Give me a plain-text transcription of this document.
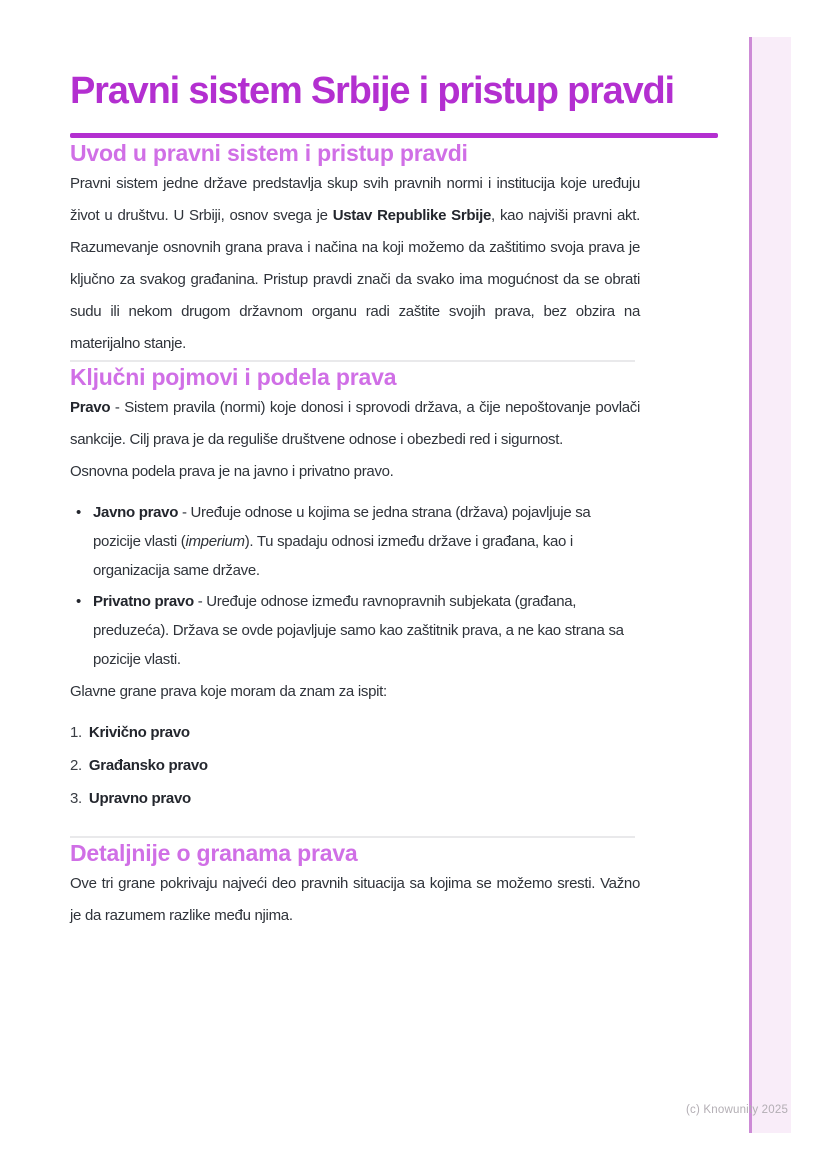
(c) Knowunity 2025
Pravni sistem Srbije i pristup pravdi
Uvod u pravni sistem i pristup pravdi

Pravni sistem jedne države predstavlja skup svih pravnih normi i institucija koje uređuju život u društvu. U Srbiji, osnov svega je Ustav Republike Srbije, kao najviši pravni akt. Razumevanje osnovnih grana prava i načina na koji možemo da zaštitimo svoja prava je ključno za svakog građanina. Pristup pravdi znači da svako ima mogućnost da se obrati sudu ili nekom drugom državnom organu radi zaštite svojih prava, bez obzira na materijalno stanje.

Ključni pojmovi i podela prava

Pravo - Sistem pravila (normi) koje donosi i sprovodi država, a čije nepoštovanje povlači sankcije. Cilj prava je da reguliše društvene odnose i obezbedi red i sigurnost.

Osnovna podela prava je na javno i privatno pravo.

• Javno pravo - Uređuje odnose u kojima se jedna strana (država) pojavljuje sa pozicije vlasti (imperium). Tu spadaju odnosi između države i građana, kao i organizacija same države.
• Privatno pravo - Uređuje odnose između ravnopravnih subjekata (građana, preduzeća). Država se ovde pojavljuje samo kao zaštitnik prava, a ne kao strana sa pozicije vlasti.

Glavne grane prava koje moram da znam za ispit:

1. Krivično pravo
2. Građansko pravo
3. Upravno pravo
Detaljnije o granama prava

Ove tri grane pokrivaju najveći deo pravnih situacija sa kojima se možemo sresti. Važno je da razumem razlike među njima.
